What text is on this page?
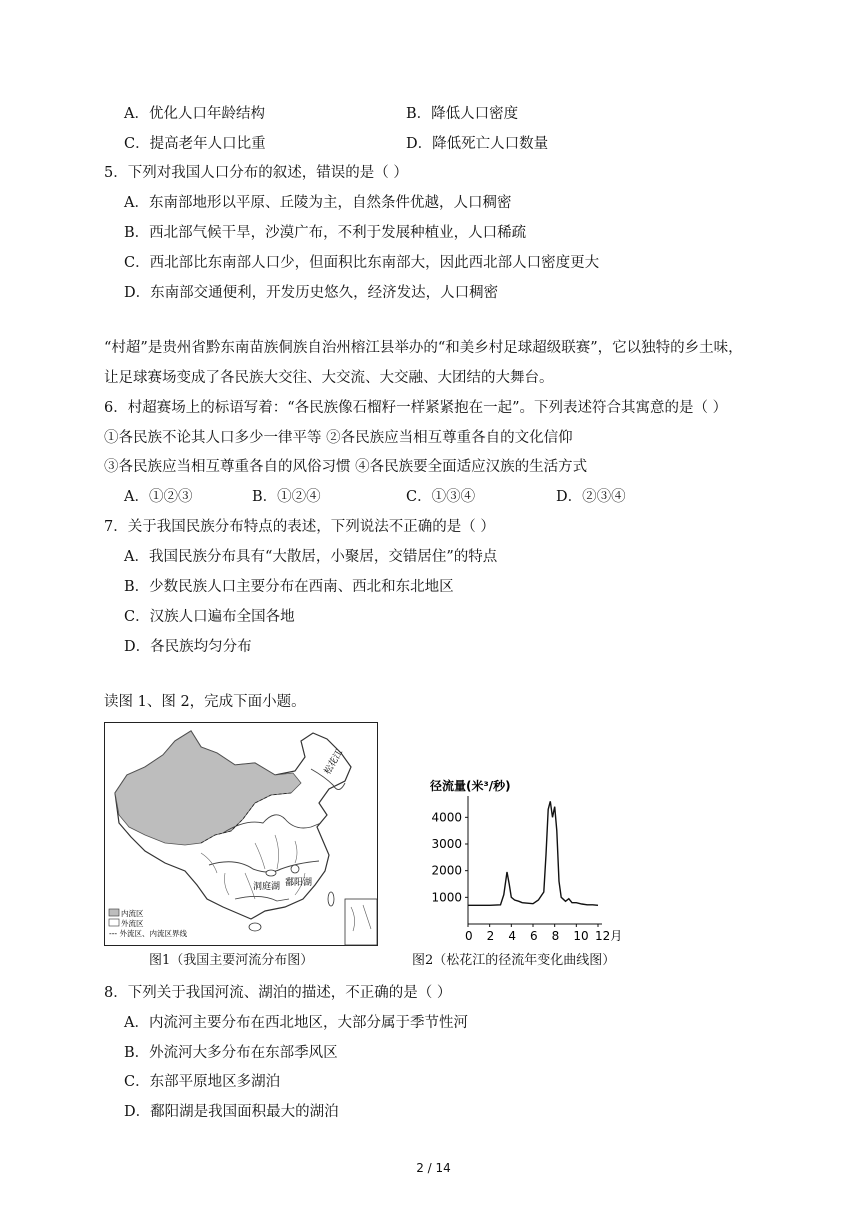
A．优化人口年龄结构	B．降低人口密度
C．提高老年人口比重	D．降低死亡人口数量
5．下列对我国人口分布的叙述，错误的是（ ）
A．东南部地形以平原、丘陵为主，自然条件优越，人口稠密
B．西北部气候干旱，沙漠广布，不利于发展种植业，人口稀疏
C．西北部比东南部人口少，但面积比东南部大，因此西北部人口密度更大
D．东南部交通便利，开发历史悠久，经济发达，人口稠密
“村超”是贵州省黔东南苗族侗族自治州榕江县举办的“和美乡村足球超级联赛”，它以独特的乡土味，
让足球赛场变成了各民族大交往、大交流、大交融、大团结的大舞台。
6．村超赛场上的标语写着：“各民族像石榴籽一样紧紧抱在一起”。下列表述符合其寓意的是（ ）
①各民族不论其人口多少一律平等 ②各民族应当相互尊重各自的文化信仰
③各民族应当相互尊重各自的风俗习惯 ④各民族要全面适应汉族的生活方式
A．①②③	B．①②④	C．①③④	D．②③④
7．关于我国民族分布特点的表述，下列说法不正确的是（ ）
A．我国民族分布具有“大散居，小聚居，交错居住”的特点
B．少数民族人口主要分布在西南、西北和东北地区
C．汉族人口遍布全国各地
D．各民族均匀分布
读图 1、图 2，完成下面小题。
松花江
洞庭湖 鄱阳湖
内流区
外流区
--- 外流区、内流区界线
径流量(米³/秒)
1000
2000
3000
4000
0 2 4 6 8 10 12月
图1（我国主要河流分布图）	图2（松花江的径流年变化曲线图）
8．下列关于我国河流、湖泊的描述，不正确的是（ ）
A．内流河主要分布在西北地区，大部分属于季节性河
B．外流河大多分布在东部季风区
C．东部平原地区多湖泊
D．鄱阳湖是我国面积最大的湖泊
2 / 14
